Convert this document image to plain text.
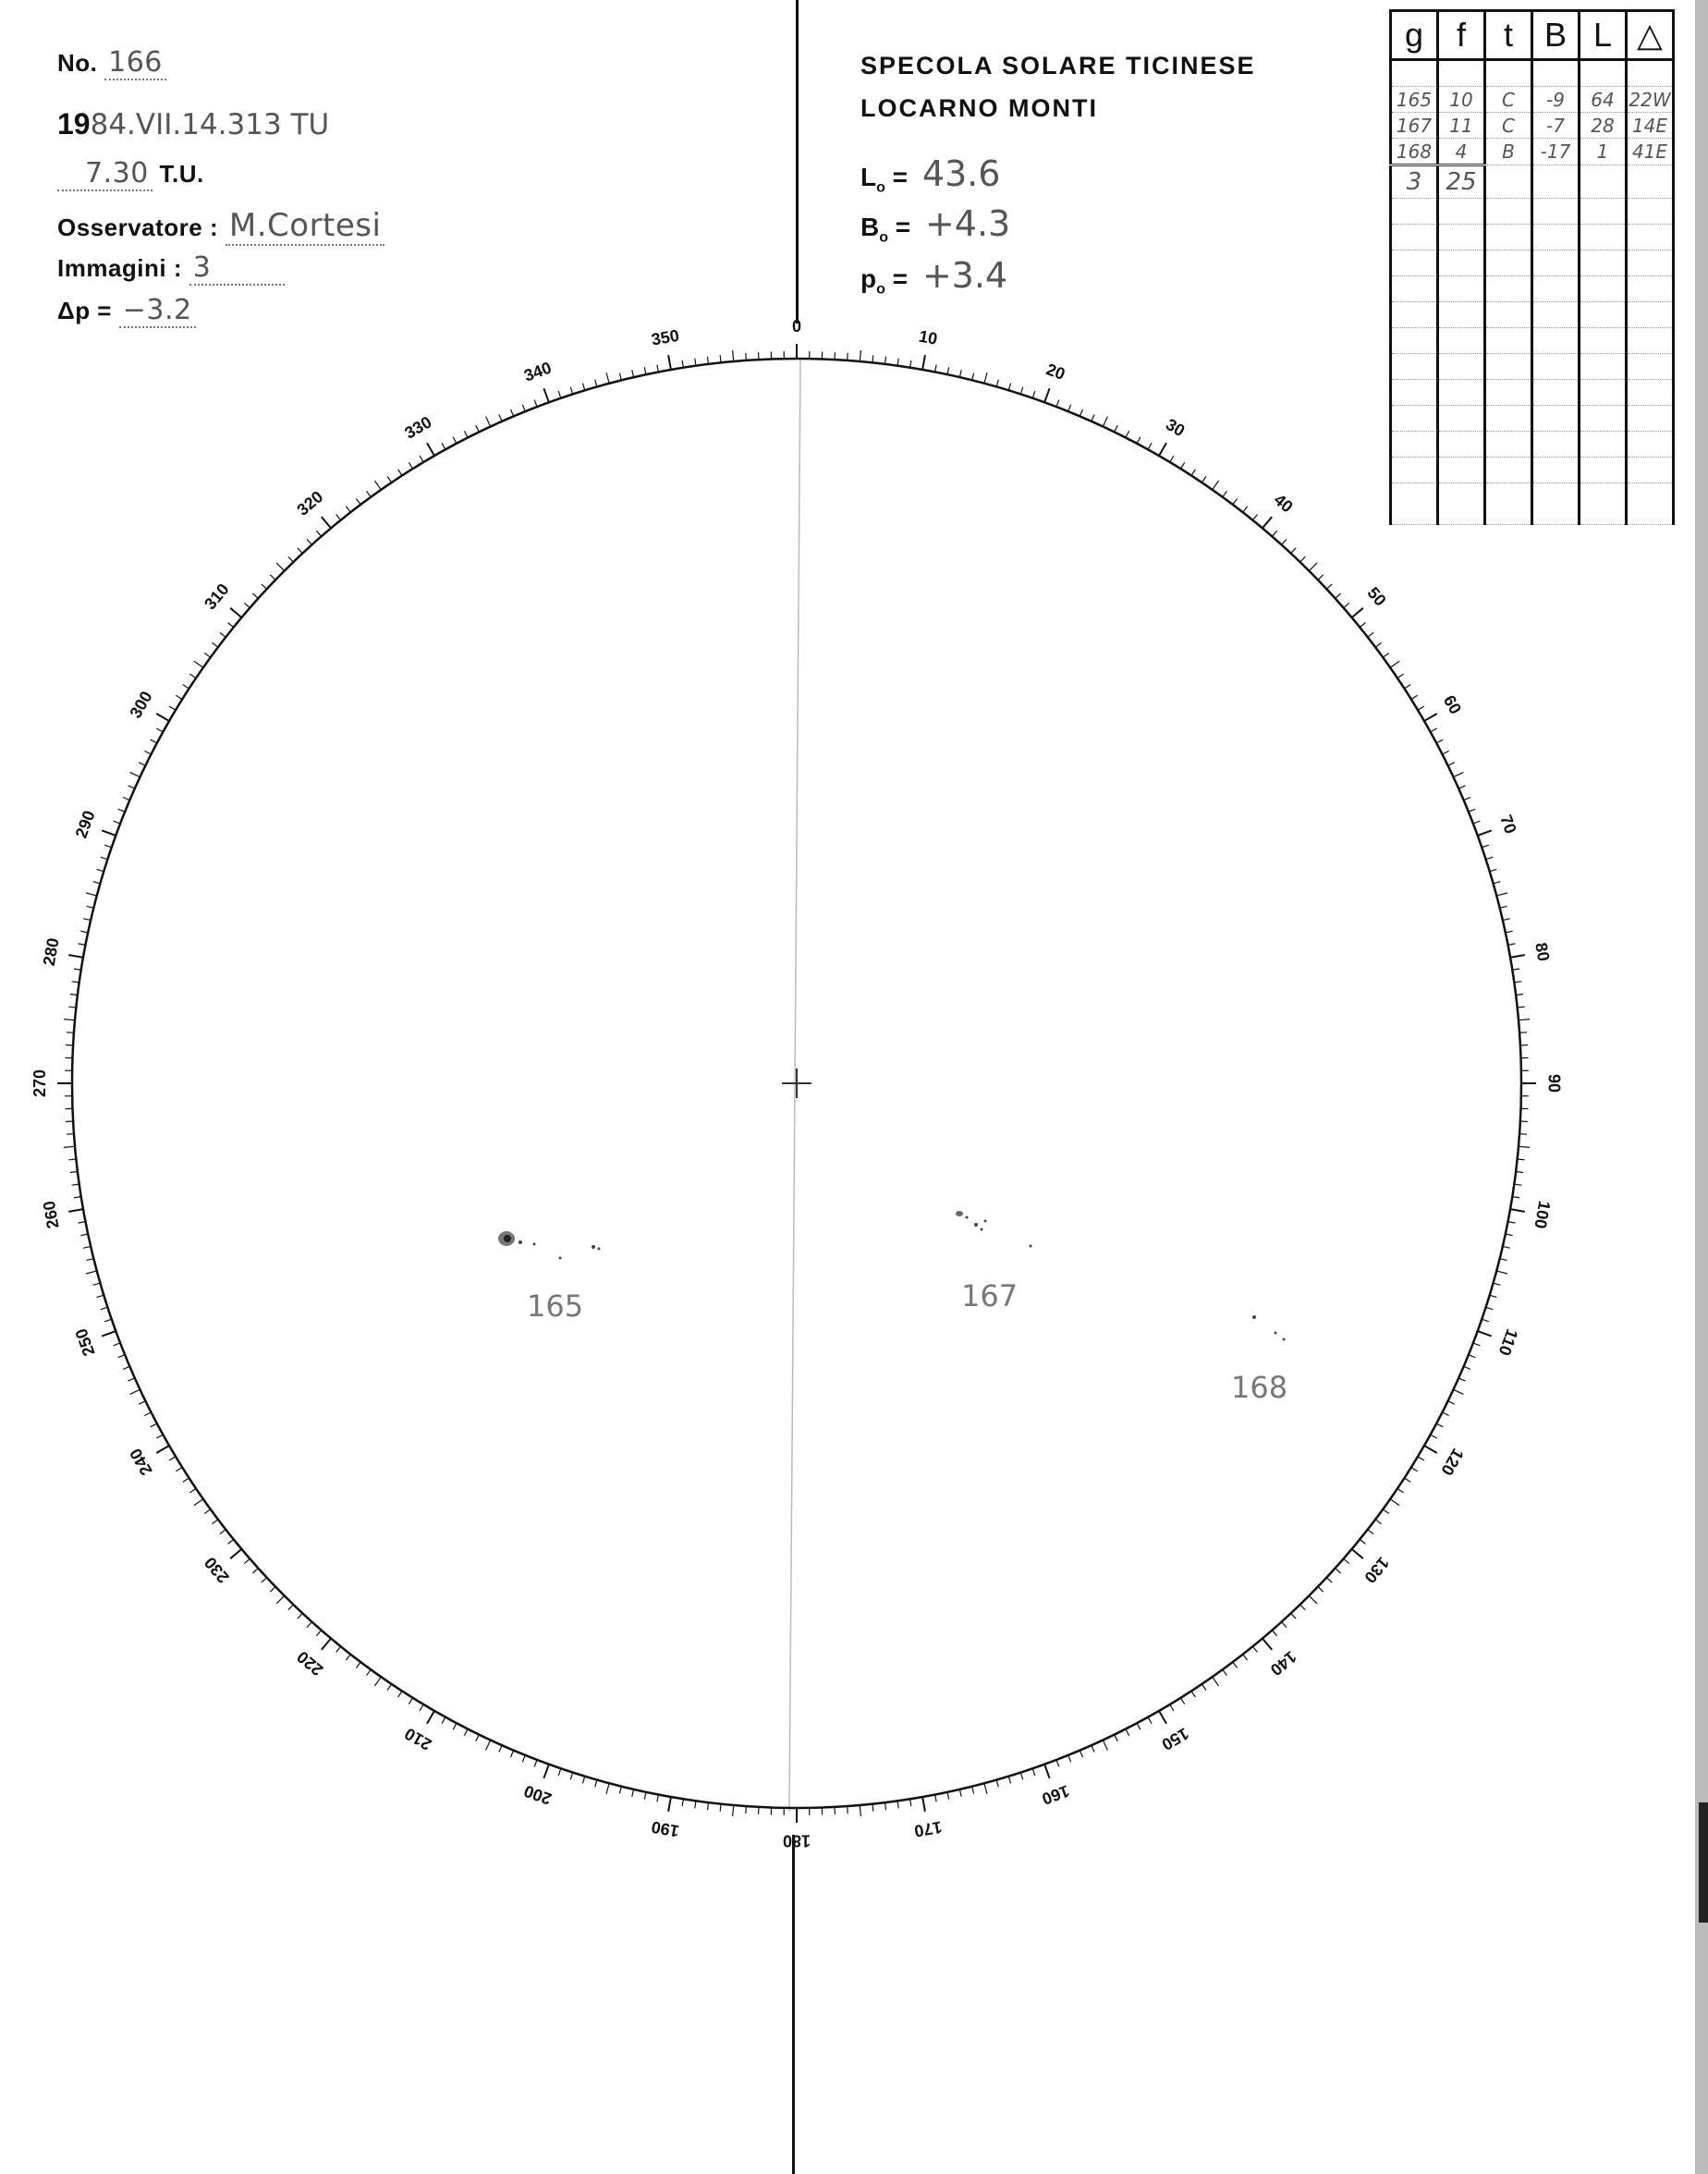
No. 166
1984.VII.14.313 TU
7.30 T.U.
Osservatore : M.Cortesi
Immagini : 3
Δp = −3.2
SPECOLA SOLARE TICINESE
LOCARNO MONTI
$L_o = 43.6$
$B_o = +4.3$
$p_o = +3.4$
g	f	t	B	L	△

165	10	C	-9	64	22W
167	11	C	-7	28	14E
168	4	B	-17	1	41E
3	25				

0
10
20
30
40
50
60
70
80
90
100
110
120
130
140
150
160
170
180
190
200
210
220
230
240
250
260
270
280
290
300
310
320
330
340
350
165	167
168
